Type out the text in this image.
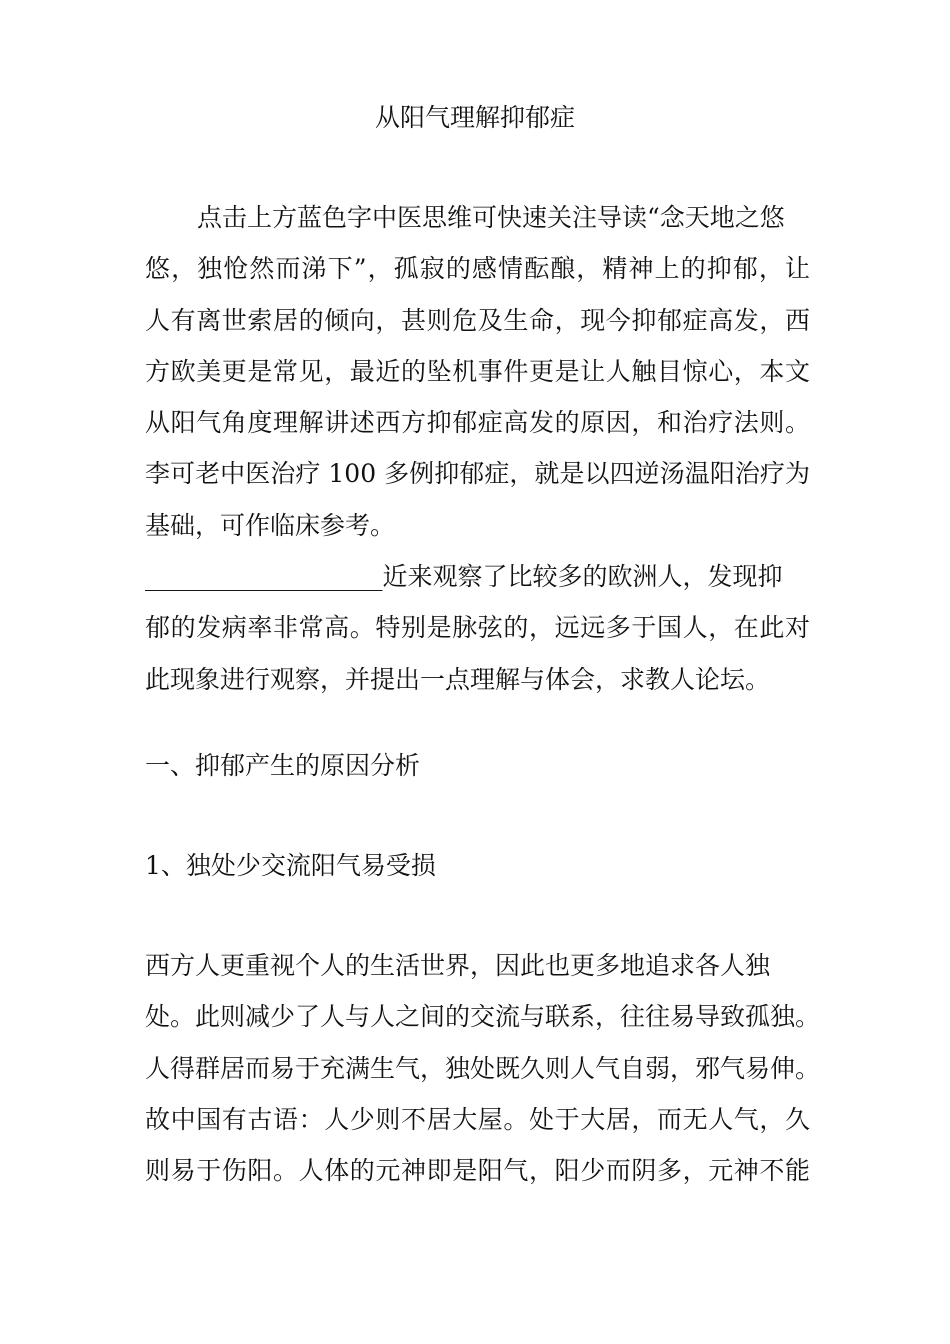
从阳气理解抑郁症
点击上方蓝色字中医思维可快速关注导读“念天地之悠
悠，独怆然而涕下”，孤寂的感情酝酿，精神上的抑郁，让
人有离世索居的倾向，甚则危及生命，现今抑郁症高发，西
方欧美更是常见，最近的坠机事件更是让人触目惊心，本文
从阳气角度理解讲述西方抑郁症高发的原因，和治疗法则。
李可老中医治疗 100 多例抑郁症，就是以四逆汤温阳治疗为
基础，可作临床参考。
___________________近来观察了比较多的欧洲人，发现抑
郁的发病率非常高。特别是脉弦的，远远多于国人，在此对
此现象进行观察，并提出一点理解与体会，求教人论坛。
一、抑郁产生的原因分析
1、独处少交流阳气易受损
西方人更重视个人的生活世界，因此也更多地追求各人独
处。此则减少了人与人之间的交流与联系，往往易导致孤独。
人得群居而易于充满生气，独处既久则人气自弱，邪气易伸。
故中国有古语：人少则不居大屋。处于大居，而无人气，久
则易于伤阳。人体的元神即是阳气，阳少而阴多，元神不能
